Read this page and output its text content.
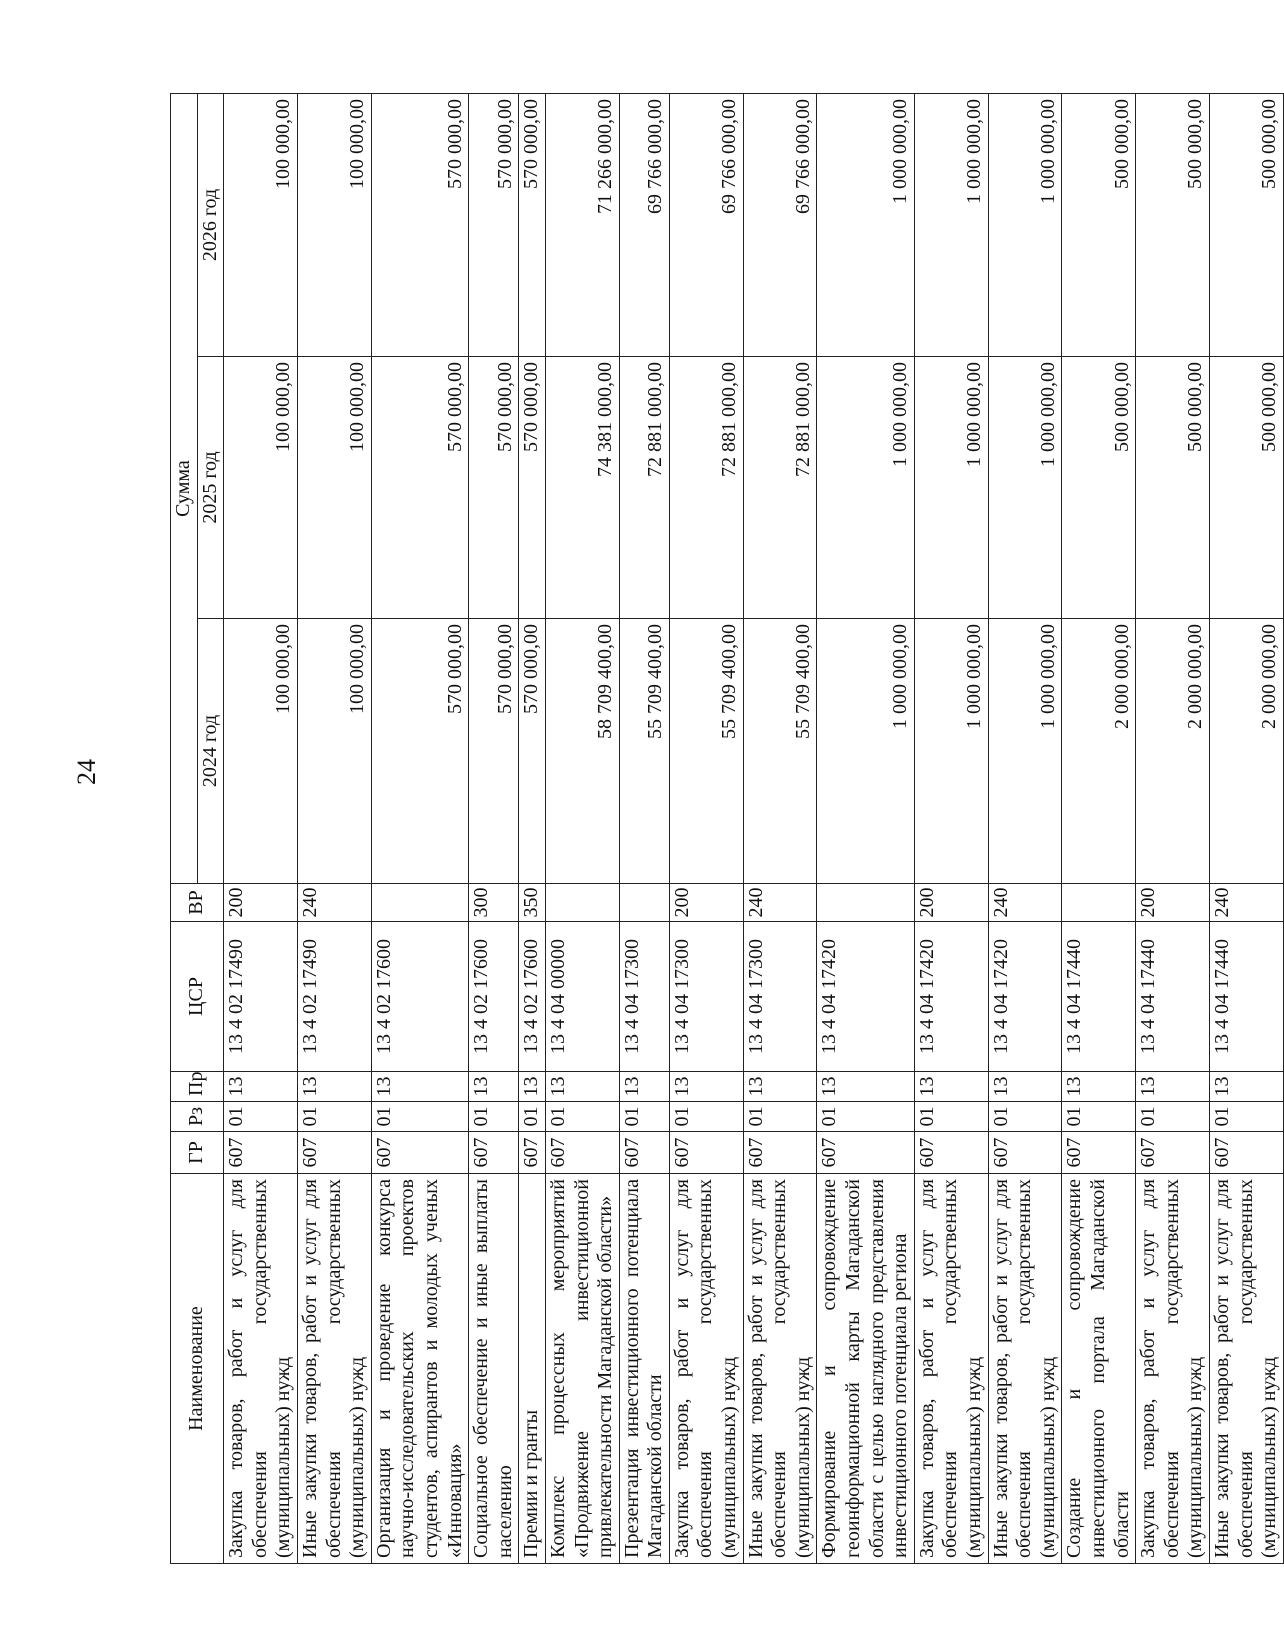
24
Наименование	ГР	Рз	Пр	ЦСР	ВР	Сумма		
						2024 год	2025 год	2026 год
Закупка товаров, работ и услуг для обеспечения государственных (муниципальных) нужд	607	01	13	13 4 02 17490	200	100 000,00	100 000,00	100 000,00
Иные закупки товаров, работ и услуг для обеспечения государственных (муниципальных) нужд	607	01	13	13 4 02 17490	240	100 000,00	100 000,00	100 000,00
Организация и проведение конкурса научно-исследовательских проектов студентов, аспирантов и молодых ученых «Инновация»	607	01	13	13 4 02 17600		570 000,00	570 000,00	570 000,00
Социальное обеспечение и иные выплаты населению	607	01	13	13 4 02 17600	300	570 000,00	570 000,00	570 000,00
Премии и гранты	607	01	13	13 4 02 17600	350	570 000,00	570 000,00	570 000,00
Комплекс процессных мероприятий «Продвижение инвестиционной привлекательности Магаданской области»	607	01	13	13 4 04 00000		58 709 400,00	74 381 000,00	71 266 000,00
Презентация инвестиционного потенциала Магаданской области	607	01	13	13 4 04 17300		55 709 400,00	72 881 000,00	69 766 000,00
Закупка товаров, работ и услуг для обеспечения государственных (муниципальных) нужд	607	01	13	13 4 04 17300	200	55 709 400,00	72 881 000,00	69 766 000,00
Иные закупки товаров, работ и услуг для обеспечения государственных (муниципальных) нужд	607	01	13	13 4 04 17300	240	55 709 400,00	72 881 000,00	69 766 000,00
Формирование и сопровождение геоинформационной карты Магаданской области с целью наглядного представления инвестиционного потенциала региона	607	01	13	13 4 04 17420		1 000 000,00	1 000 000,00	1 000 000,00
Закупка товаров, работ и услуг для обеспечения государственных (муниципальных) нужд	607	01	13	13 4 04 17420	200	1 000 000,00	1 000 000,00	1 000 000,00
Иные закупки товаров, работ и услуг для обеспечения государственных (муниципальных) нужд	607	01	13	13 4 04 17420	240	1 000 000,00	1 000 000,00	1 000 000,00
Создание и сопровождение инвестиционного портала Магаданской области	607	01	13	13 4 04 17440		2 000 000,00	500 000,00	500 000,00
Закупка товаров, работ и услуг для обеспечения государственных (муниципальных) нужд	607	01	13	13 4 04 17440	200	2 000 000,00	500 000,00	500 000,00
Иные закупки товаров, работ и услуг для обеспечения государственных (муниципальных) нужд	607	01	13	13 4 04 17440	240	2 000 000,00	500 000,00	500 000,00
